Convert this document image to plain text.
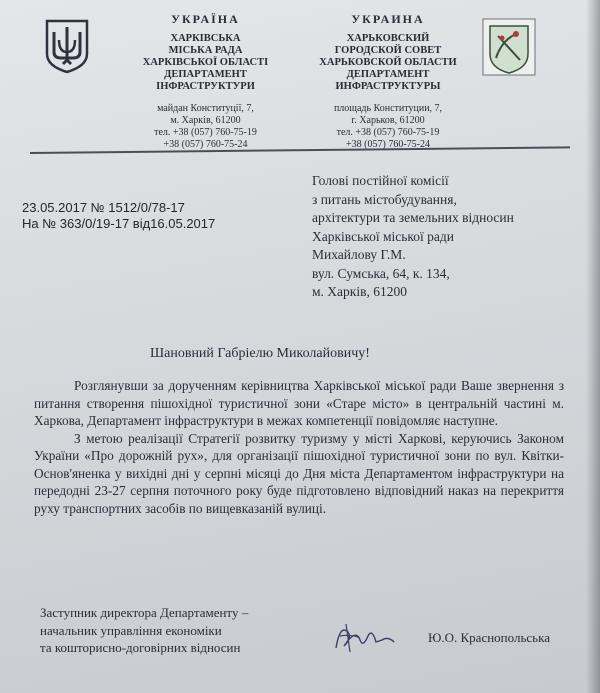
УКРАЇНА
ХАРКІВСЬКА
МІСЬКА РАДА
ХАРКІВСЬКОЇ ОБЛАСТІ
ДЕПАРТАМЕНТ
ІНФРАСТРУКТУРИ
майдан Конституції, 7,
м. Харків, 61200
тел. +38 (057) 760-75-19
+38 (057) 760-75-24
УКРАИНА
ХАРЬКОВСКИЙ
ГОРОДСКОЙ СОВЕТ
ХАРЬКОВСКОЙ ОБЛАСТИ
ДЕПАРТАМЕНТ
ИНФРАСТРУКТУРЫ
площадь Конституции, 7,
г. Харьков, 61200
тел. +38 (057) 760-75-19
+38 (057) 760-75-24
23.05.2017 № 1512/0/78-17
На № 363/0/19-17 від16.05.2017
Голові постійної комісії
з питань містобудування,
архітектури та земельних відносин
Харківської міської ради
Михайлову Г.М.
вул. Сумська, 64, к. 134,
м. Харків, 61200
Шановний Габріелю Миколайовичу!

Розглянувши за дорученням керівництва Харківської міської ради Ваше звернення з питання створення пішохідної туристичної зони «Старе місто» в центральній частині м. Харкова, Департамент інфраструктури в межах компетенції повідомляє наступне.

З метою реалізації Стратегії розвитку туризму у місті Харкові, керуючись Законом України «Про дорожній рух», для організації пішохідної туристичної зони по вул. Квітки-Основ'яненка у вихідні дні у серпні місяці до Дня міста Департаментом інфраструктури на передодні 23-27 серпня поточного року буде підготовлено відповідний наказ на перекриття руху транспортних засобів по вищевказаній вулиці.

Заступник директора Департаменту –
начальник управління економіки
та кошторисно-договірних відносин
Ю.О. Краснопольська
